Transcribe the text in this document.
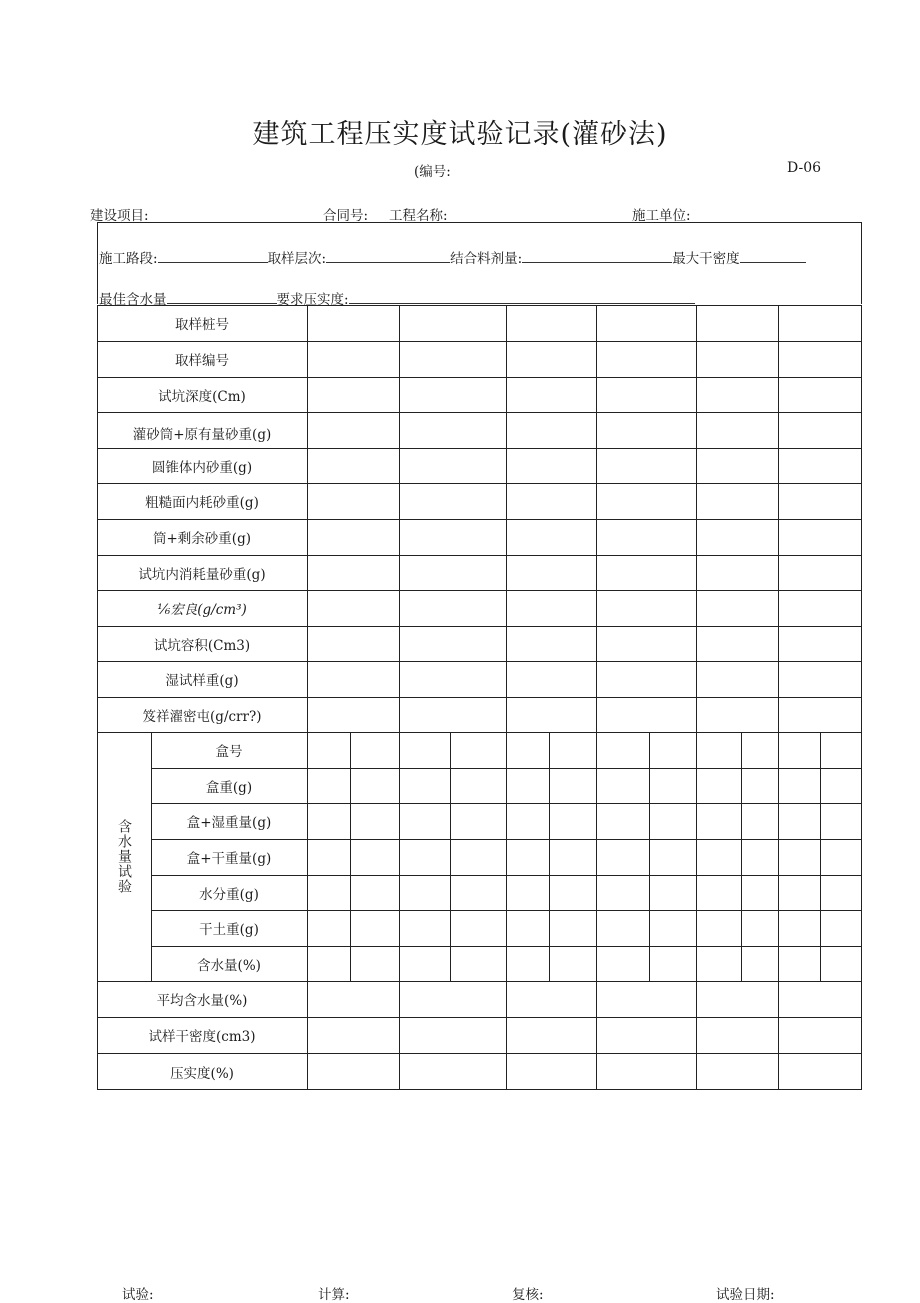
建筑工程压实度试验记录(灌砂法)
(编号:	D-06
建设项目:	合同号: 工程名称:	施工单位:
施工路段:	取样层次:	结合料剂量:	最大干密度
最佳含水量	要求压实度:
取样桩号
取样编号
试坑深度(Cm)
灌砂筒+原有量砂重(g)
圆锥体内砂重(g)
粗糙面内耗砂重(g)
筒+剩余砂重(g)
试坑内消耗量砂重(g)
⅙宏良(g/cm³)
试坑容积(Cm3)
湿试样重(g)
笈祥濯密屯(g/crr?)
含水量试验
盒号
盒重(g)
盒+湿重量(g)
盒+干重量(g)
水分重(g)
干土重(g)
含水量(%)
平均含水量(%)
试样干密度(cm3)
压实度(%)
试验:	计算:	复核:	试验日期:
